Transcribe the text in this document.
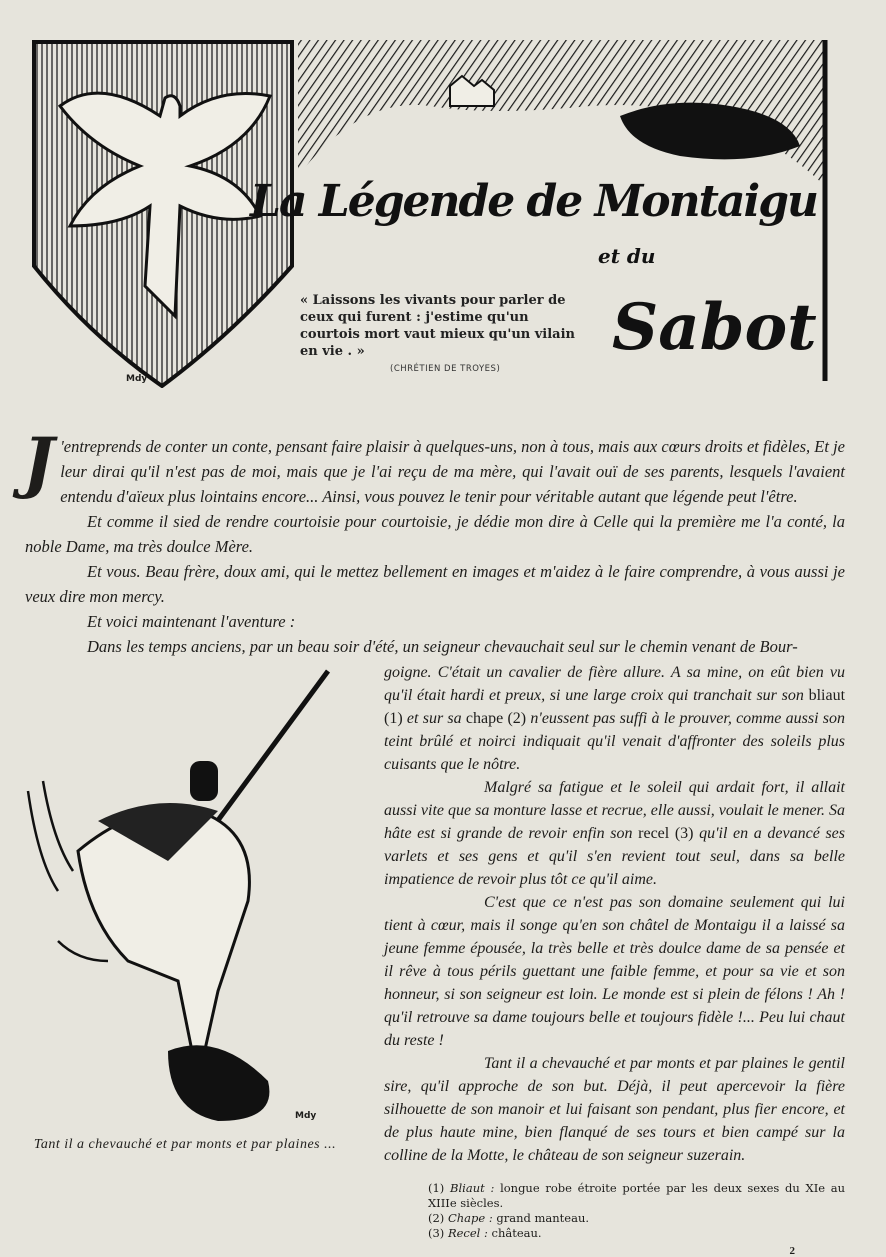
Mdy
La Légende de Montaigu
et du
Sabot
« Laissons les vivants pour parler de ceux qui furent : j'estime qu'un courtois mort vaut mieux qu'un vilain en vie . »
(CHRÉTIEN DE TROYES)

J 'entreprends de conter un conte, pensant faire plaisir à quelques-uns, non à tous, mais aux cœurs droits et fidèles, Et je leur dirai qu'il n'est pas de moi, mais que je l'ai reçu de ma mère, qui l'avait ouï de ses parents, lesquels l'avaient entendu d'aïeux plus lointains encore... Ainsi, vous pouvez le tenir pour véritable autant que légende peut l'être.

Et comme il sied de rendre courtoisie pour courtoisie, je dédie mon dire à Celle qui la première me l'a conté, la noble Dame, ma très doulce Mère.

Et vous. Beau frère, doux ami, qui le mettez bellement en images et m'aidez à le faire comprendre, à vous aussi je veux dire mon mercy.

Et voici maintenant l'aventure :

Dans les temps anciens, par un beau soir d'été, un seigneur chevauchait seul sur le chemin venant de Bour-

Mdy
Tant il a chevauché et par monts et par plaines ...

goigne. C'était un cavalier de fière allure. A sa mine, on eût bien vu qu'il était hardi et preux, si une large croix qui tranchait sur son bliaut (1) et sur sa chape (2) n'eussent pas suffi à le prouver, comme aussi son teint brûlé et noirci indiquait qu'il venait d'affronter des soleils plus cuisants que le nôtre.

Malgré sa fatigue et le soleil qui ardait fort, il allait aussi vite que sa monture lasse et recrue, elle aussi, voulait le mener. Sa hâte est si grande de revoir enfin son recel (3) qu'il en a devancé ses varlets et ses gens et qu'il s'en revient tout seul, dans sa belle impatience de revoir plus tôt ce qu'il aime.

C'est que ce n'est pas son domaine seulement qui lui tient à cœur, mais il songe qu'en son châtel de Montaigu il a laissé sa jeune femme épousée, la très belle et très doulce dame de sa pensée et il rêve à tous périls guettant une faible femme, et pour sa vie et son honneur, si son seigneur est loin. Le monde est si plein de félons ! Ah ! qu'il retrouve sa dame toujours belle et toujours fidèle !... Peu lui chaut du reste !

Tant il a chevauché et par monts et par plaines le gentil sire, qu'il approche de son but. Déjà, il peut apercevoir la fière silhouette de son manoir et lui faisant son pendant, plus fier encore, et de plus haute mine, bien flanqué de ses tours et bien campé sur la colline de la Motte, le château de son seigneur suzerain.

(1) Bliaut : longue robe étroite portée par les deux sexes du XIe au XIIIe siècles.
(2) Chape : grand manteau.
(3) Recel : château.
2
